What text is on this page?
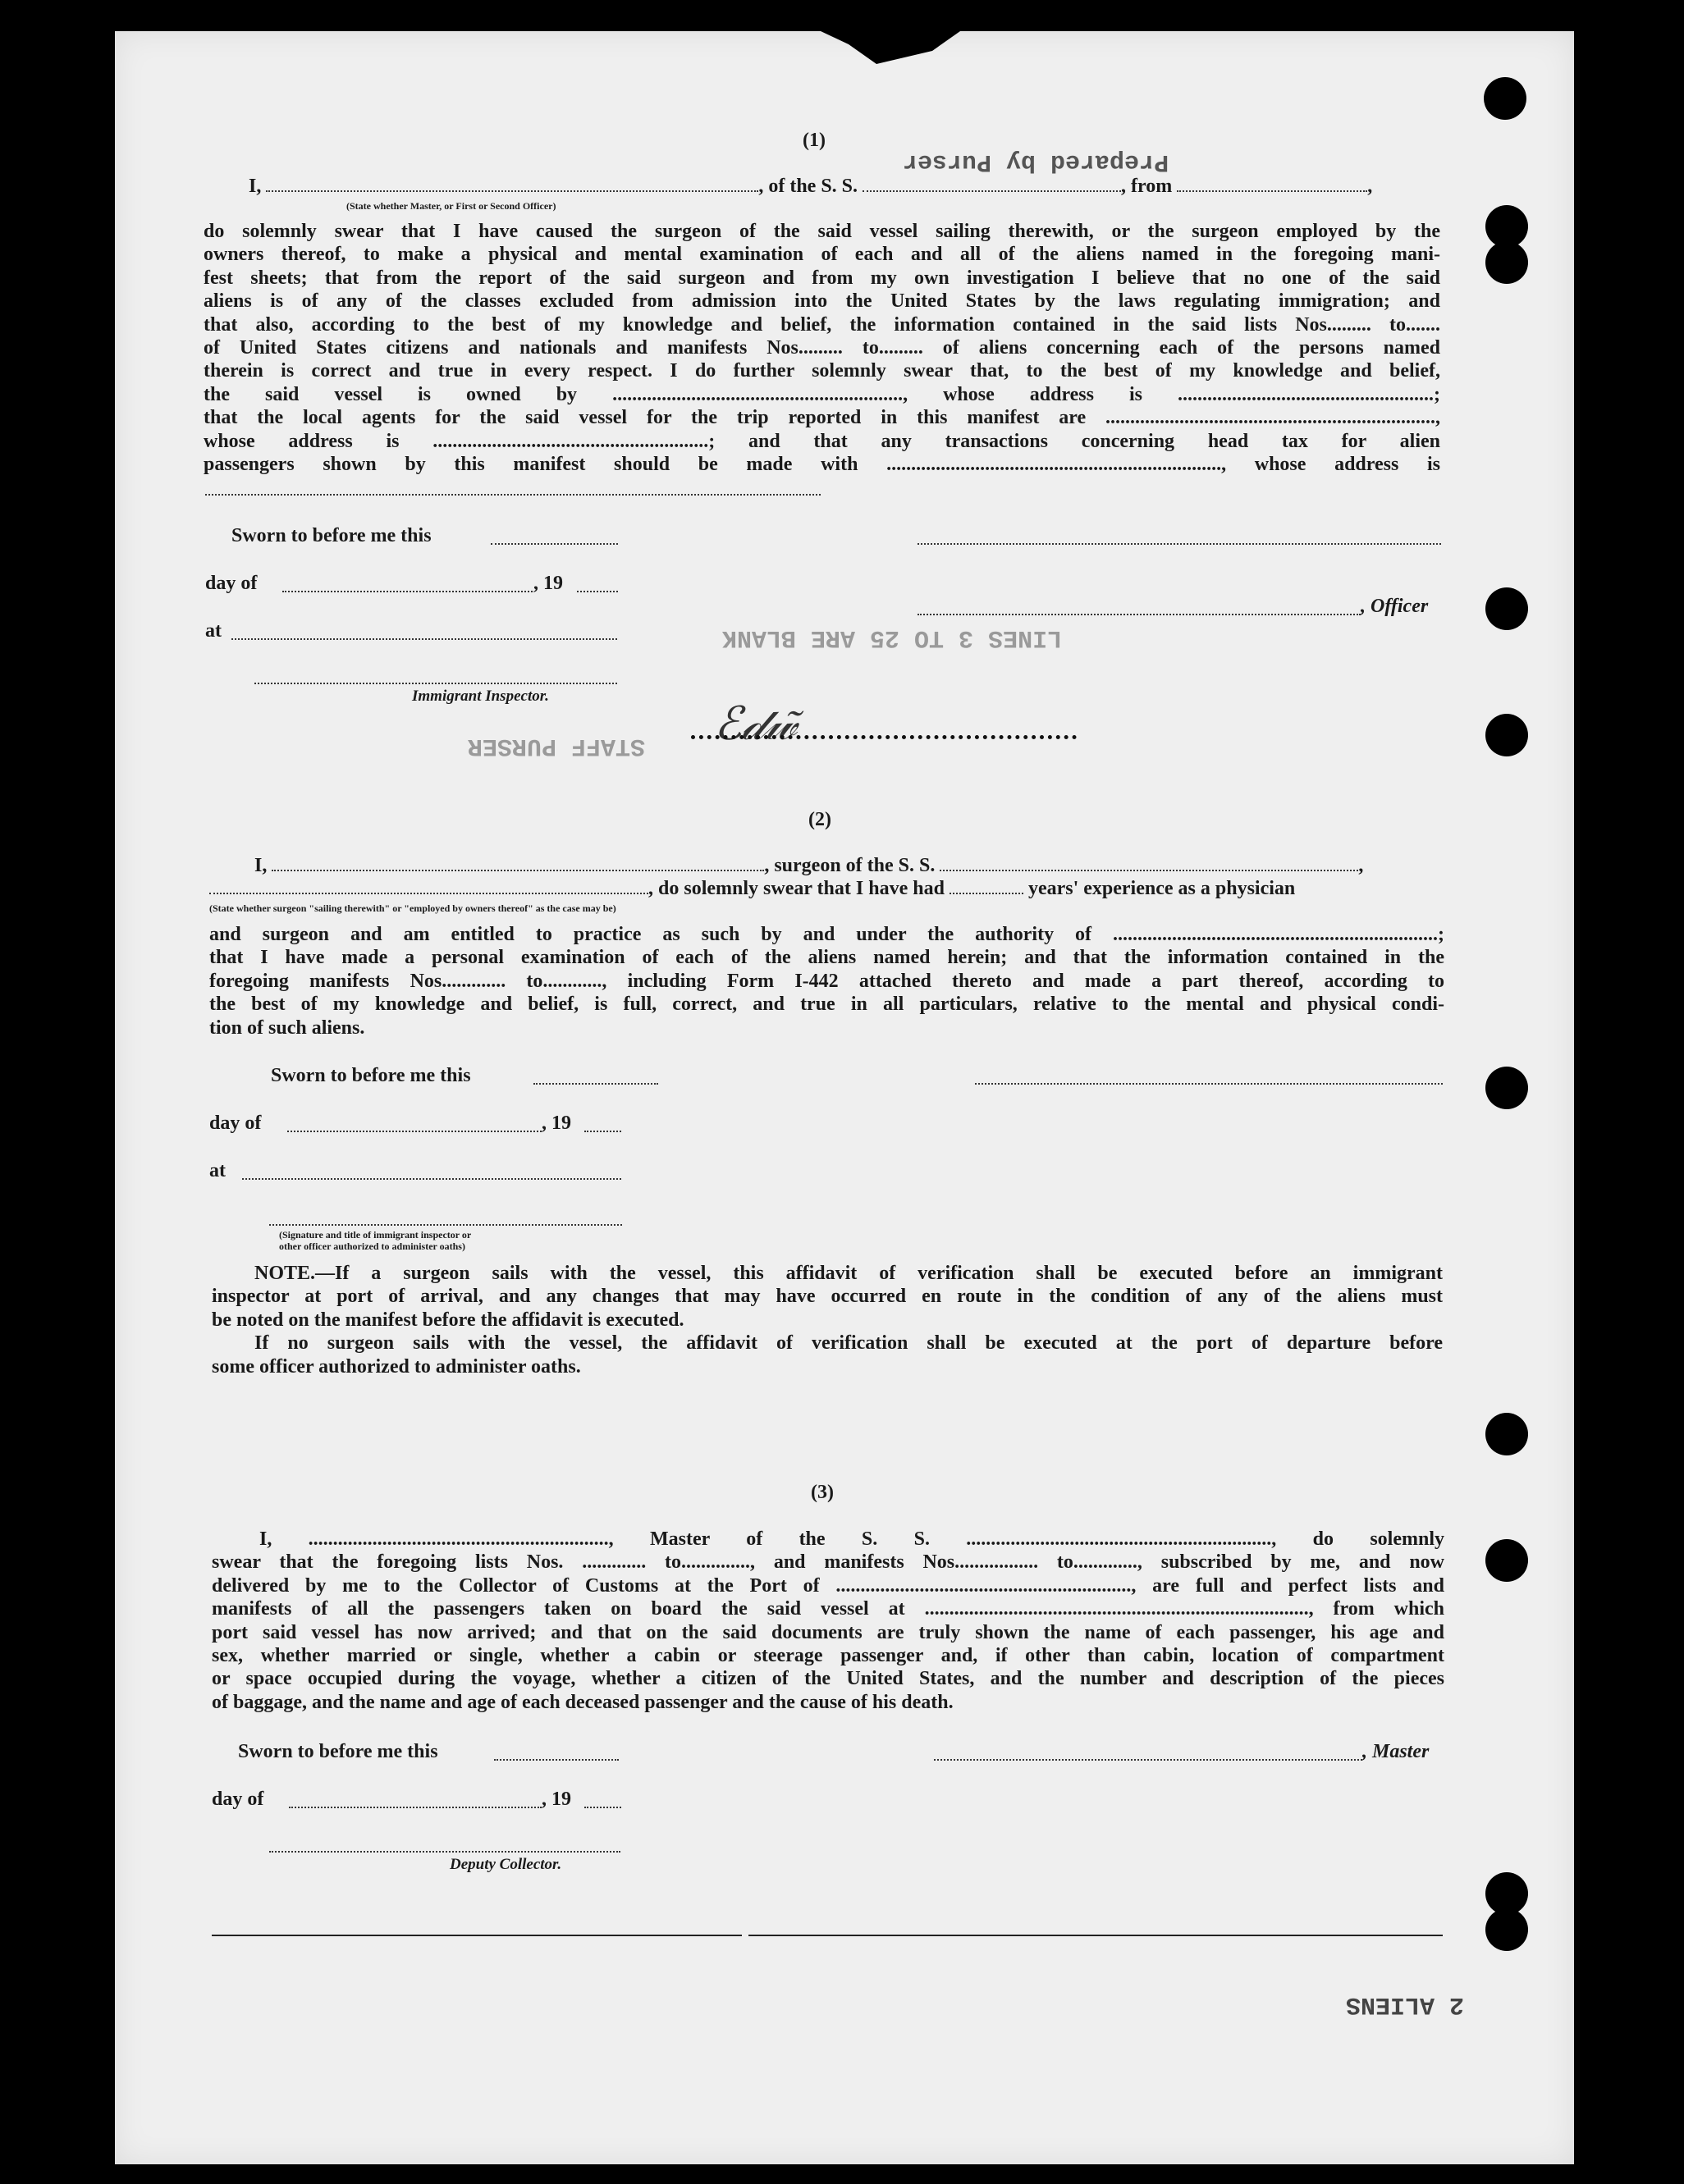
Prepared by Purser
LINES 3 TO 25 ARE BLANK
STAFF PURSER
2 ALIENS
(1)
I,	, of the S. S.	, from	,
(State whether Master, or First or Second Officer)
do solemnly swear that I have caused the surgeon of the said vessel sailing therewith, or the surgeon employed by the
owners thereof, to make a physical and mental examination of each and all of the aliens named in the foregoing mani-
fest sheets; that from the report of the said surgeon and from my own investigation I believe that no one of the said
aliens is of any of the classes excluded from admission into the United States by the laws regulating immigration; and
that also, according to the best of my knowledge and belief, the information contained in the said lists Nos......... to.......
of United States citizens and nationals and manifests Nos......... to......... of aliens concerning each of the persons named
therein is correct and true in every respect. I do further solemnly swear that, to the best of my knowledge and belief,
the said vessel is owned by ..........................................................., whose address is ....................................................;
that the local agents for the said vessel for the trip reported in this manifest are ...................................................................,
whose address is ........................................................; and that any transactions concerning head tax for alien
passengers shown by this manifest should be made with ...................................................................., whose address is
Sworn to before me this
day of	, 19
, Officer
at
Immigrant Inspector.
ℰ𝒹𝓌̃
(2)
I,	, surgeon of the S. S.	,
, do solemnly swear that I have had	years' experience as a physician
(State whether surgeon "sailing therewith" or "employed by owners thereof" as the case may be)
and surgeon and am entitled to practice as such by and under the authority of ..................................................................;
that I have made a personal examination of each of the aliens named herein; and that the information contained in the
foregoing manifests Nos............. to............, including Form I-442 attached thereto and made a part thereof, according to
the best of my knowledge and belief, is full, correct, and true in all particulars, relative to the mental and physical condi-
tion of such aliens.
Sworn to before me this
day of	, 19
at
(Signature and title of immigrant inspector or
other officer authorized to administer oaths)
NOTE.—If a surgeon sails with the vessel, this affidavit of verification shall be executed before an immigrant
inspector at port of arrival, and any changes that may have occurred en route in the condition of any of the aliens must
be noted on the manifest before the affidavit is executed.
If no surgeon sails with the vessel, the affidavit of verification shall be executed at the port of departure before
some officer authorized to administer oaths.
(3)
I, ............................................................., Master of the S. S. .............................................................., do solemnly
swear that the foregoing lists Nos. ............. to.............., and manifests Nos................. to............., subscribed by me, and now
delivered by me to the Collector of Customs at the Port of ............................................................, are full and perfect lists and
manifests of all the passengers taken on board the said vessel at .............................................................................., from which
port said vessel has now arrived; and that on the said documents are truly shown the name of each passenger, his age and
sex, whether married or single, whether a cabin or steerage passenger and, if other than cabin, location of compartment
or space occupied during the voyage, whether a citizen of the United States, and the number and description of the pieces
of baggage, and the name and age of each deceased passenger and the cause of his death.
Sworn to before me this	, Master
day of	, 19
Deputy Collector.
